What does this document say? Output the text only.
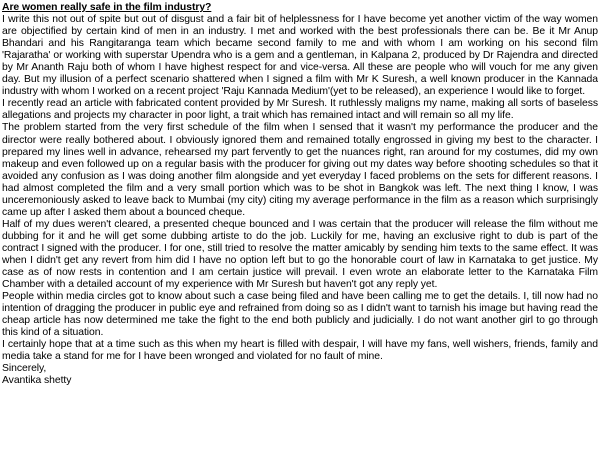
Are women really safe in the film industry?

I write this not out of spite but out of disgust and a fair bit of helplessness for I have become yet another victim of the way women are objectified by certain kind of men in an industry. I met and worked with the best professionals there can be. Be it Mr Anup Bhandari and his Rangitaranga team which became second family to me and with whom I am working on his second film 'Rajaratha' or working with superstar Upendra who is a gem and a gentleman, in Kalpana 2, produced by Dr Rajendra and directed by Mr Ananth Raju both of whom I have highest respect for and vice-versa. All these are people who will vouch for me any given day. But my illusion of a perfect scenario shattered when I signed a film with Mr K Suresh, a well known producer in the Kannada industry with whom I worked on a recent project 'Raju Kannada Medium'(yet to be released), an experience I would like to forget.

I recently read an article with fabricated content provided by Mr Suresh. It ruthlessly maligns my name, making all sorts of baseless allegations and projects my character in poor light, a trait which has remained intact and will remain so all my life.

The problem started from the very first schedule of the film when I sensed that it wasn't my performance the producer and the director were really bothered about. I obviously ignored them and remained totally engrossed in giving my best to the character. I prepared my lines well in advance, rehearsed my part fervently to get the nuances right, ran around for my costumes, did my own makeup and even followed up on a regular basis with the producer for giving out my dates way before shooting schedules so that it avoided any confusion as I was doing another film alongside and yet everyday I faced problems on the sets for different reasons. I had almost completed the film and a very small portion which was to be shot in Bangkok was left. The next thing I know, I was unceremoniously asked to leave back to Mumbai (my city) citing my average performance in the film as a reason which surprisingly came up after I asked them about a bounced cheque.

Half of my dues weren't cleared, a presented cheque bounced and I was certain that the producer will release the film without me dubbing for it and he will get some dubbing artiste to do the job. Luckily for me, having an exclusive right to dub is part of the contract I signed with the producer. I for one, still tried to resolve the matter amicably by sending him texts to the same effect. It was when I didn't get any revert from him did I have no option left but to go the honorable court of law in Karnataka to get justice. My case as of now rests in contention and I am certain justice will prevail. I even wrote an elaborate letter to the Karnataka Film Chamber with a detailed account of my experience with Mr Suresh but haven't got any reply yet.

People within media circles got to know about such a case being filed and have been calling me to get the details. I, till now had no intention of dragging the producer in public eye and refrained from doing so as I didn't want to tarnish his image but having read the cheap article has now determined me take the fight to the end both publicly and judicially. I do not want another girl to go through this kind of a situation.

I certainly hope that at a time such as this when my heart is filled with despair, I will have my fans, well wishers, friends, family and media take a stand for me for I have been wronged and violated for no fault of mine.

Sincerely,
Avantika shetty
